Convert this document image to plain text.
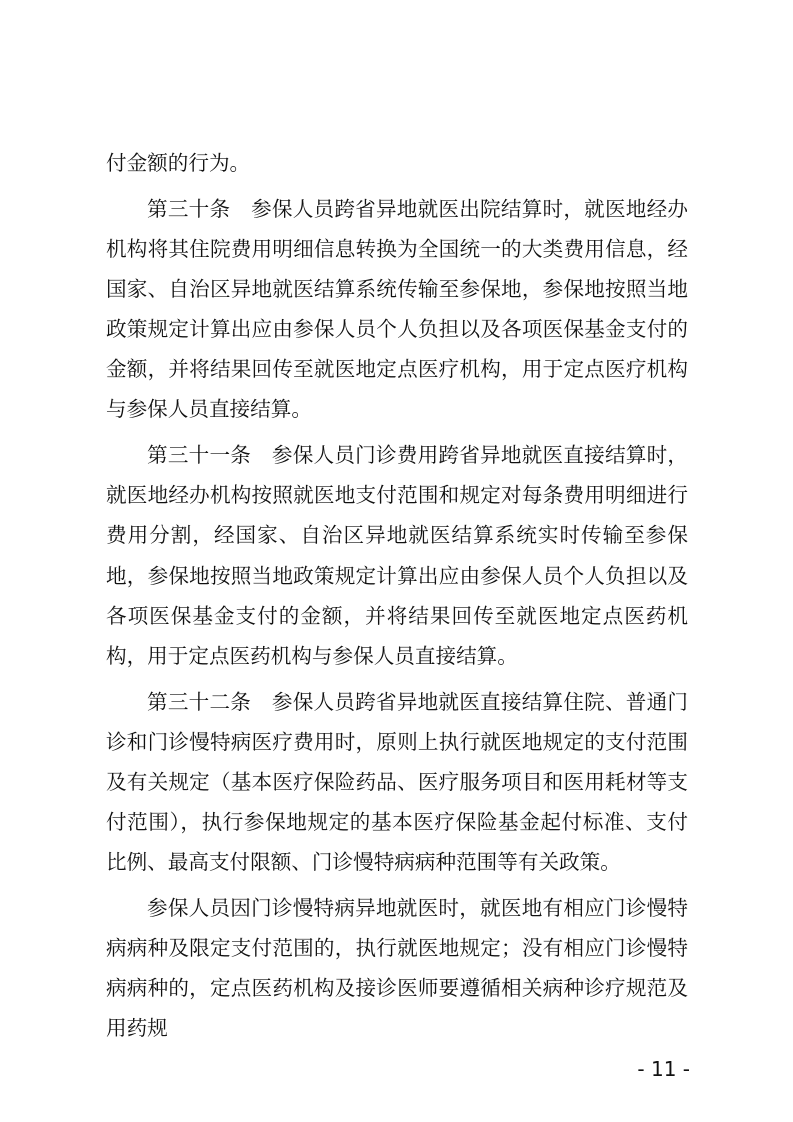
付金额的行为。

第三十条　参保人员跨省异地就医出院结算时，就医地经办机构将其住院费用明细信息转换为全国统一的大类费用信息，经国家、自治区异地就医结算系统传输至参保地，参保地按照当地政策规定计算出应由参保人员个人负担以及各项医保基金支付的金额，并将结果回传至就医地定点医疗机构，用于定点医疗机构与参保人员直接结算。

第三十一条　参保人员门诊费用跨省异地就医直接结算时，就医地经办机构按照就医地支付范围和规定对每条费用明细进行费用分割，经国家、自治区异地就医结算系统实时传输至参保地，参保地按照当地政策规定计算出应由参保人员个人负担以及各项医保基金支付的金额，并将结果回传至就医地定点医药机构，用于定点医药机构与参保人员直接结算。

第三十二条　参保人员跨省异地就医直接结算住院、普通门诊和门诊慢特病医疗费用时，原则上执行就医地规定的支付范围及有关规定（基本医疗保险药品、医疗服务项目和医用耗材等支付范围），执行参保地规定的基本医疗保险基金起付标准、支付比例、最高支付限额、门诊慢特病病种范围等有关政策。

参保人员因门诊慢特病异地就医时，就医地有相应门诊慢特病病种及限定支付范围的，执行就医地规定；没有相应门诊慢特病病种的，定点医药机构及接诊医师要遵循相关病种诊疗规范及用药规

- 11 -
